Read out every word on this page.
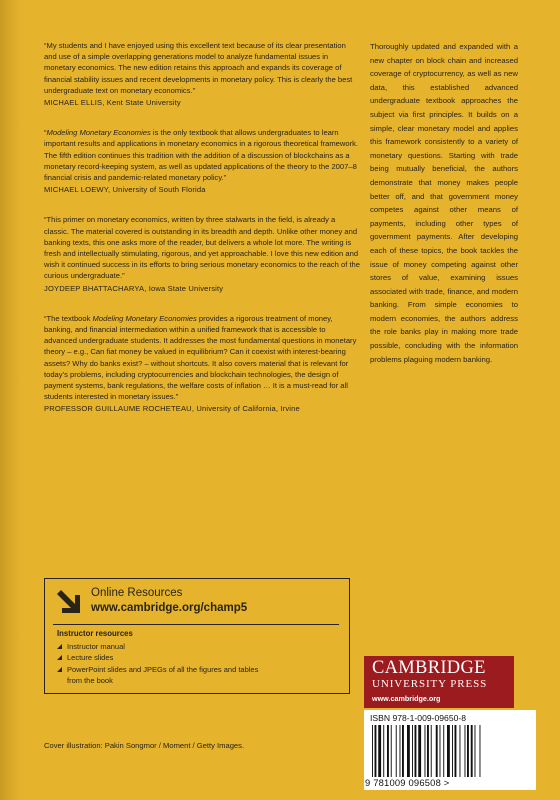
“My students and I have enjoyed using this excellent text because of its clear presentation and use of a simple overlapping generations model to analyze fundamental issues in monetary economics. The new edition retains this approach and expands its coverage of financial stability issues and recent developments in monetary policy. This is clearly the best undergraduate text on monetary economics.”

MICHAEL ELLIS, Kent State University

“Modeling Monetary Economies is the only textbook that allows undergraduates to learn important results and applications in monetary economics in a rigorous theoretical framework. The fifth edition continues this tradition with the addition of a discussion of blockchains as a monetary record-keeping system, as well as updated applications of the theory to the 2007–8 financial crisis and pandemic-related monetary policy.”

MICHAEL LOEWY, University of South Florida

“This primer on monetary economics, written by three stalwarts in the field, is already a classic. The material covered is outstanding in its breadth and depth. Unlike other money and banking texts, this one asks more of the reader, but delivers a whole lot more. The writing is fresh and intellectually stimulating, rigorous, and yet approachable. I love this new edition and wish it continued success in its efforts to bring serious monetary economics to the reach of the curious undergraduate.”

JOYDEEP BHATTACHARYA, Iowa State University

“The textbook Modeling Monetary Economies provides a rigorous treatment of money, banking, and financial intermediation within a unified framework that is accessible to advanced undergraduate students. It addresses the most fundamental questions in monetary theory – e.g., Can fiat money be valued in equilibrium? Can it coexist with interest-bearing assets? Why do banks exist? – without shortcuts. It also covers material that is relevant for today’s problems, including cryptocurrencies and blockchain technologies, the design of payment systems, bank regulations, the welfare costs of inflation … It is a must-read for all students interested in monetary issues.”

PROFESSOR GUILLAUME ROCHETEAU, University of California, Irvine

Thoroughly updated and expanded with a new chapter on block chain and increased coverage of cryptocurrency, as well as new data, this established advanced undergraduate textbook approaches the subject via first principles. It builds on a simple, clear monetary model and applies this framework consistently to a variety of monetary questions. Starting with trade being mutually beneficial, the authors demonstrate that money makes people better off, and that government money competes against other means of payments, including other types of government payments. After developing each of these topics, the book tackles the issue of money competing against other stores of value, examining issues associated with trade, finance, and modern banking. From simple economies to modern economies, the authors address the role banks play in making more trade possible, concluding with the information problems plaguing modern banking.

Online Resources
www.cambridge.org/champ5
Instructor resources
Instructor manual
Lecture slides
PowerPoint slides and JPEGs of all the figures and tables
from the book
Cover illustration: Pakin Songmor / Moment / Getty Images.
CAMBRIDGE
UNIVERSITY PRESS
www.cambridge.org
ISBN 978-1-009-09650-8
9 781009 096508 >
